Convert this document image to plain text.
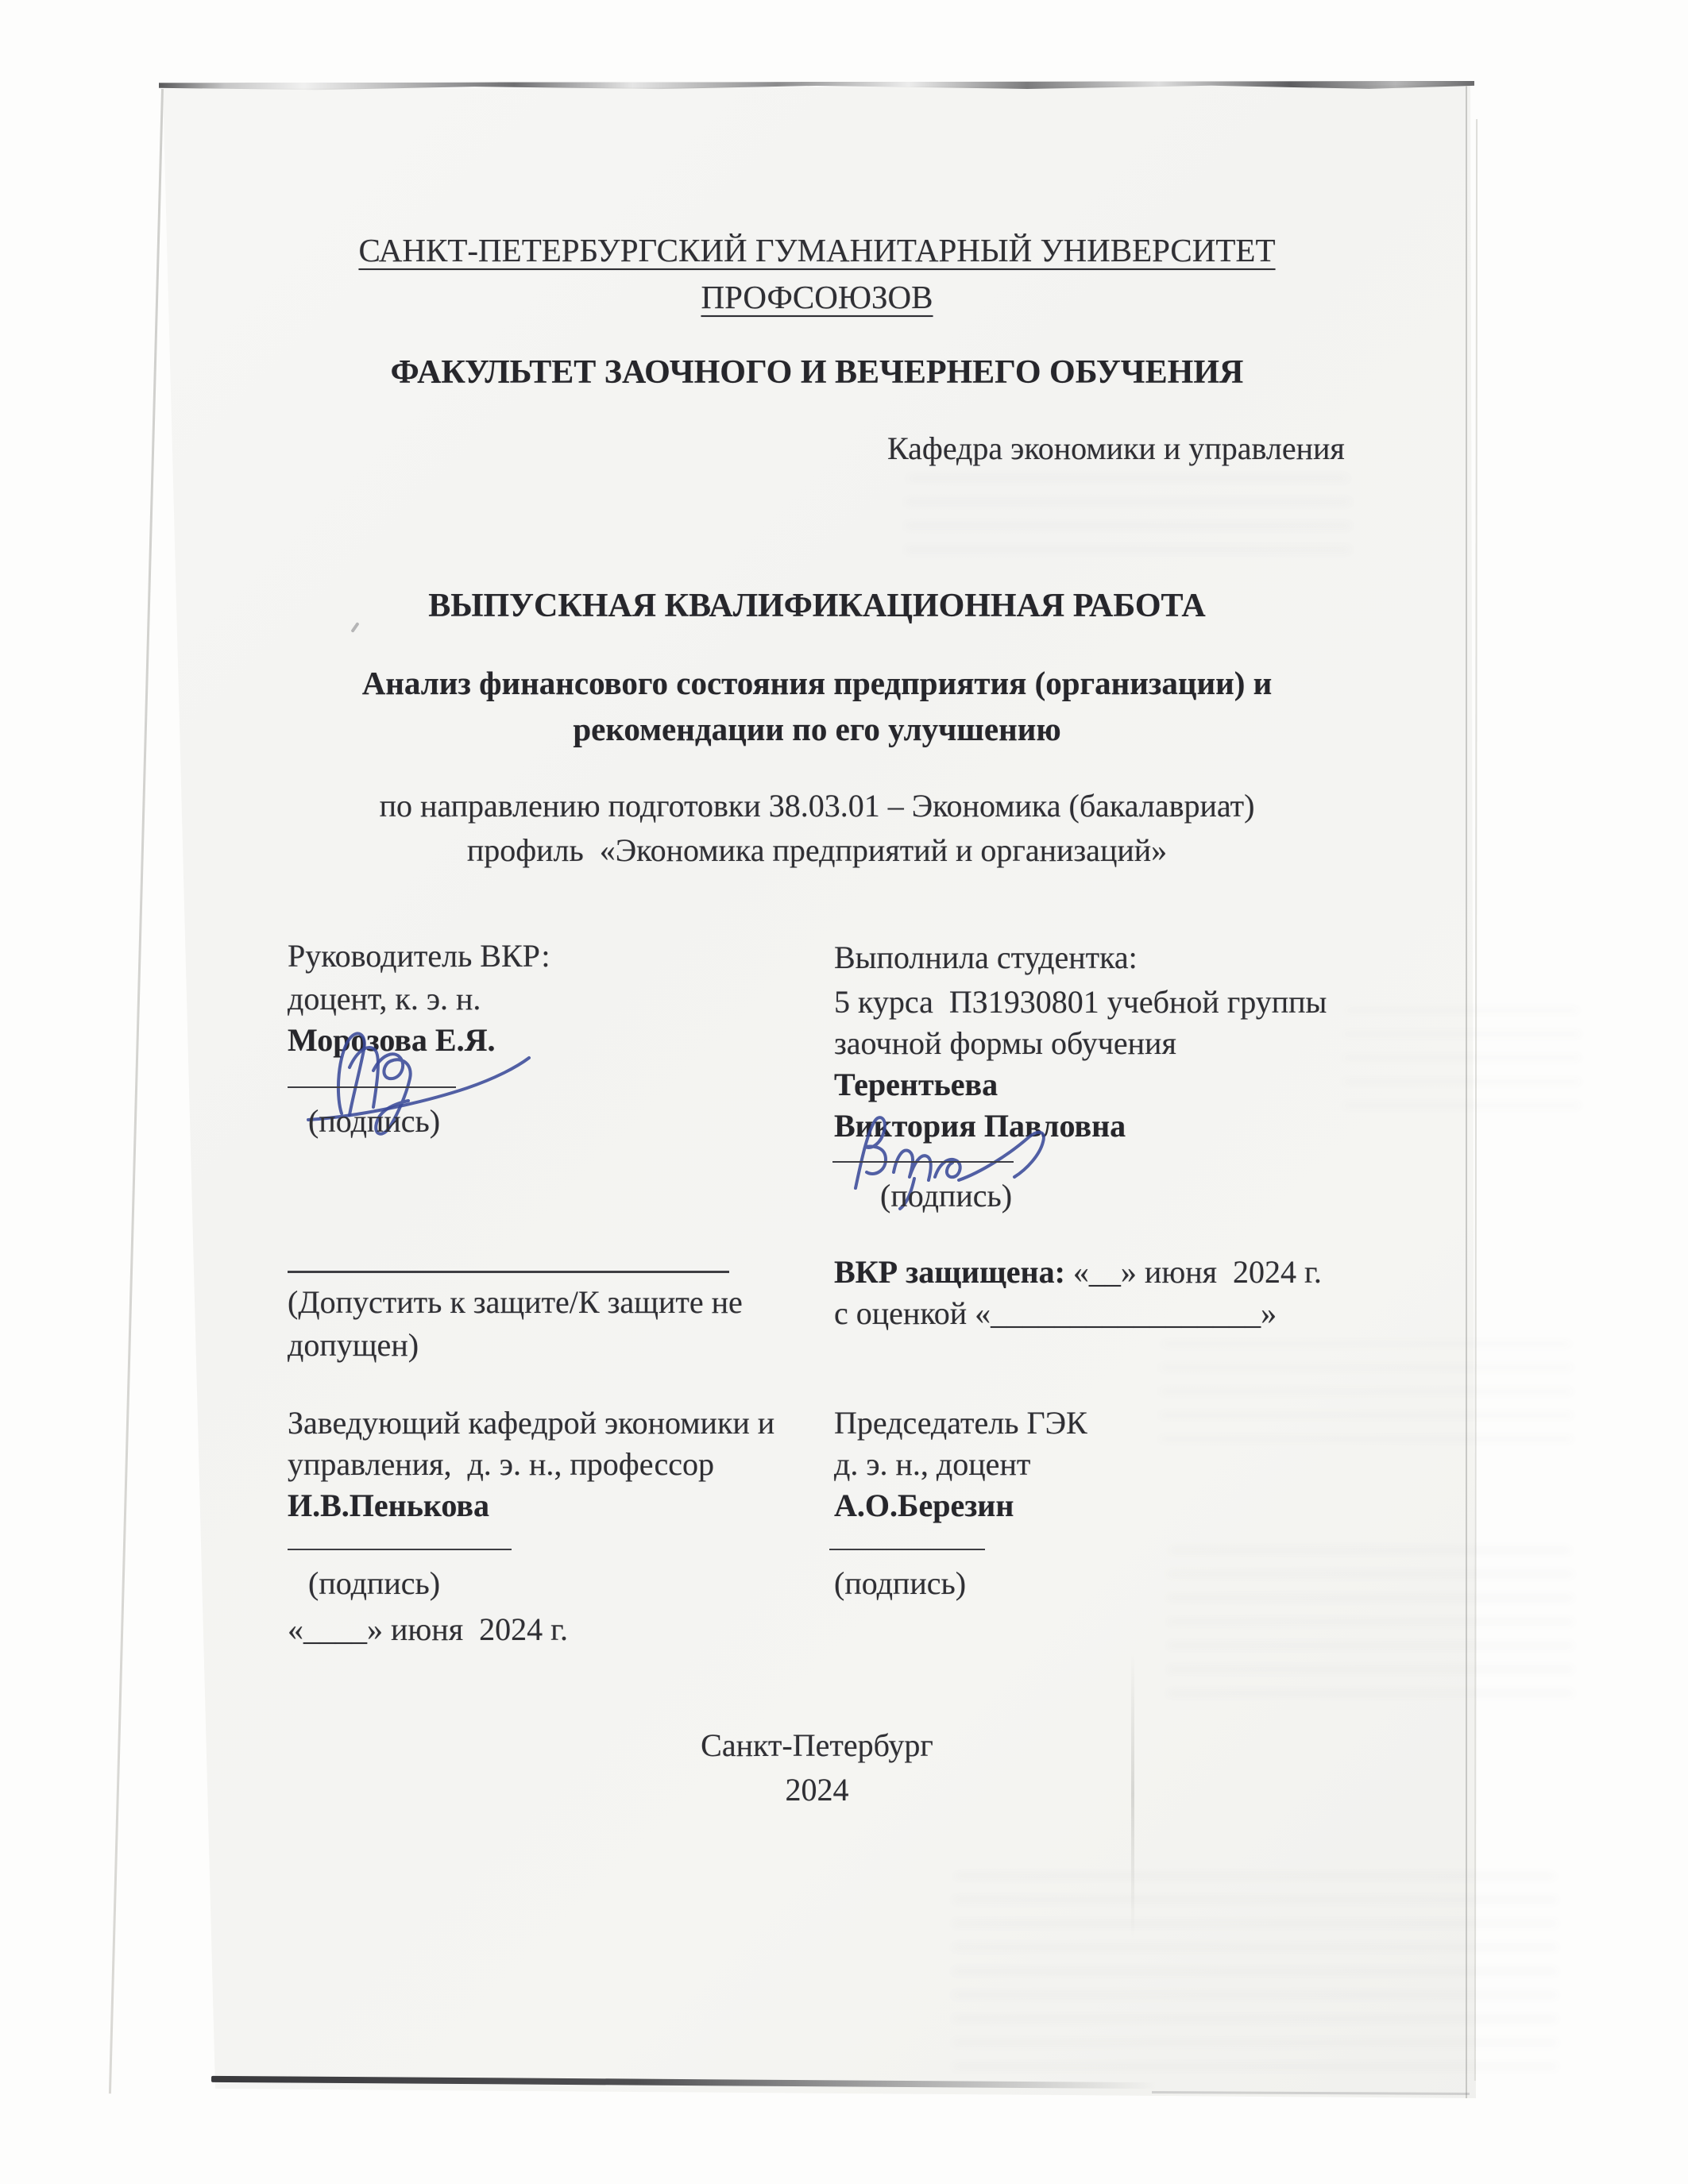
САНКТ-ПЕТЕРБУРГСКИЙ ГУМАНИТАРНЫЙ УНИВЕРСИТЕТ
ПРОФСОЮЗОВ
ФАКУЛЬТЕТ ЗАОЧНОГО И ВЕЧЕРНЕГО ОБУЧЕНИЯ
Кафедра экономики и управления
ВЫПУСКНАЯ КВАЛИФИКАЦИОННАЯ РАБОТА
Анализ финансового состояния предприятия (организации) и
рекомендации по его улучшению
по направлению подготовки 38.03.01 – Экономика (бакалавриат)
профиль  «Экономика предприятий и организаций»
Руководитель ВКР:
доцент, к. э. н.
Морозова Е.Я.
(подпись)
Выполнила студентка:
5 курса  ПЗ1930801 учебной группы
заочной формы обучения
Терентьева
Виктория Павловна
(подпись)
(Допустить к защите/К защите не
допущен)
ВКР защищена: «__» июня  2024 г.
с оценкой «_________________»
Заведующий кафедрой экономики и
управления,  д. э. н., профессор
И.В.Пенькова
(подпись)
«____» июня  2024 г.
Председатель ГЭК
д. э. н., доцент
А.О.Березин
(подпись)
Санкт-Петербург
2024
